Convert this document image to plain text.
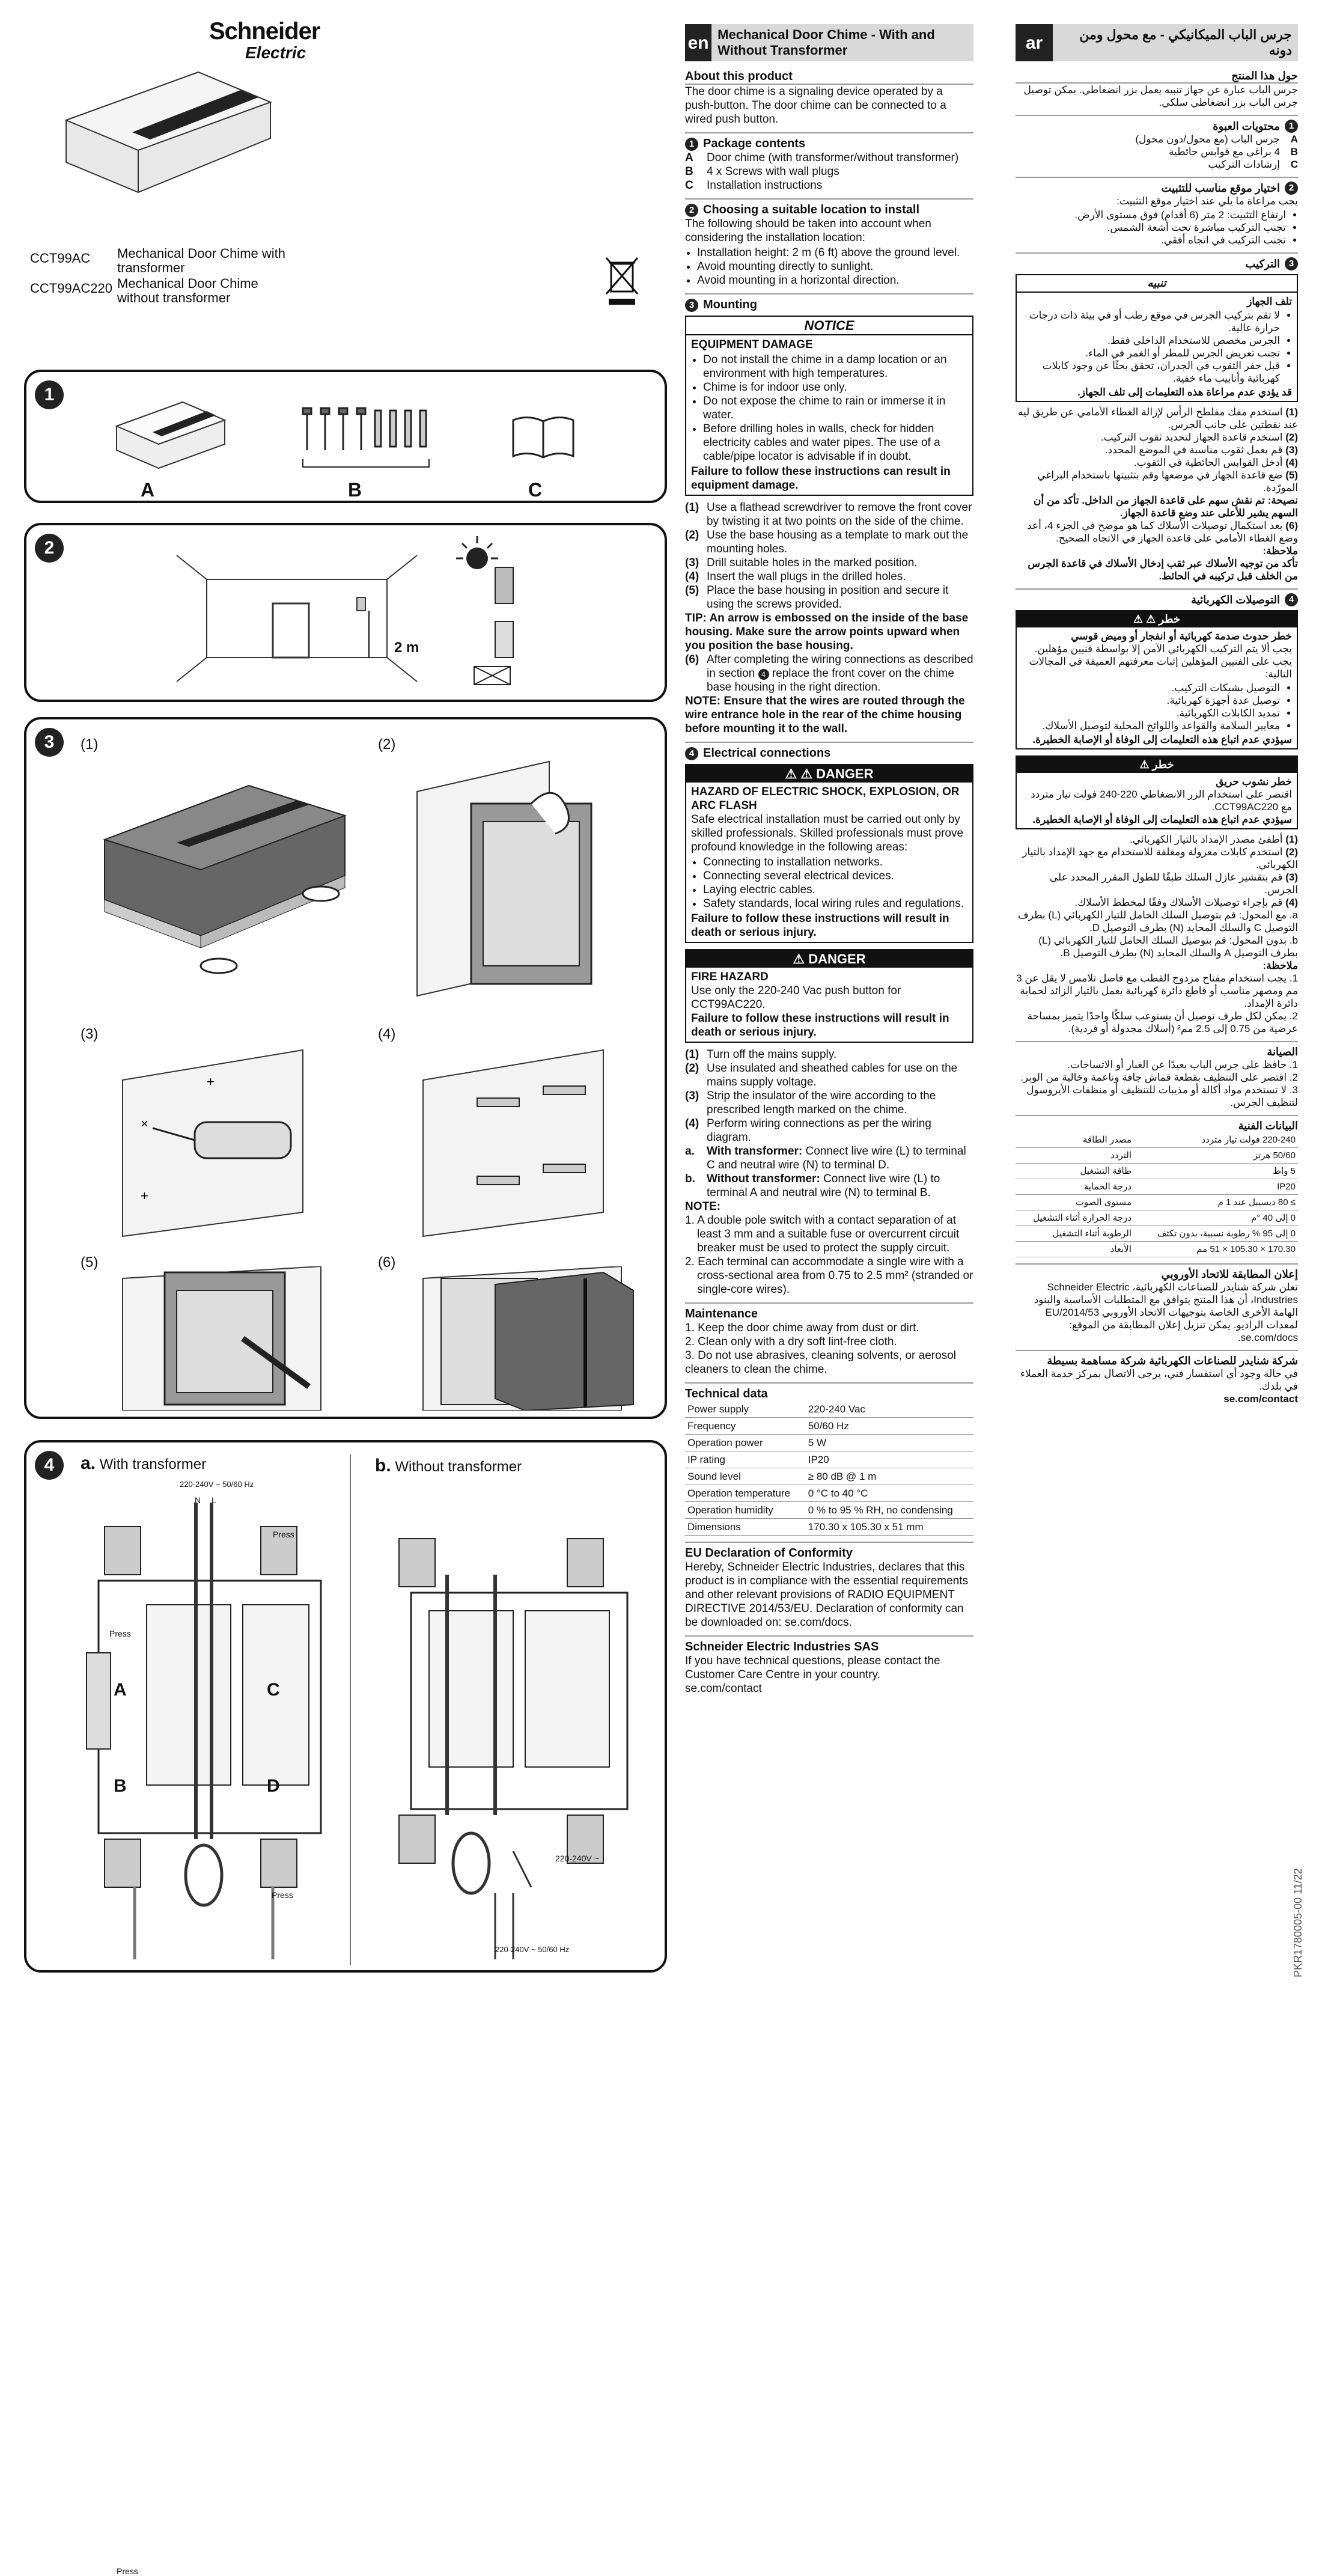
Schneider
Electric
CCT99AC Mechanical Door Chime with transformer
CCT99AC220 Mechanical Door Chime without transformer
1
A	B	C
2
2 m
3	(1)	(2)
(3)	(4)
(5)	(6)
+
×
+
4	a. With transformer	b. Without transformer
220-240V ~ 50/60 Hz
N L
Press
Press
Press
Press
A
B
C
D
220-240V ~
220-240V ~ 50/60 Hz
en Mechanical Door Chime - With and Without Transformer
About this product
The door chime is a signaling device operated by a push-button. The door chime can be connected to a wired push button.
1 Package contents
A Door chime (with transformer/without transformer)
B 4 x Screws with wall plugs
C Installation instructions
2 Choosing a suitable location to install
The following should be taken into account when considering the installation location:
• Installation height: 2 m (6 ft) above the ground level.
• Avoid mounting directly to sunlight.
• Avoid mounting in a horizontal direction.
3 Mounting
NOTICE
EQUIPMENT DAMAGE
• Do not install the chime in a damp location or an environment with high temperatures.
• Chime is for indoor use only.
• Do not expose the chime to rain or immerse it in water.
• Before drilling holes in walls, check for hidden electricity cables and water pipes. The use of a cable/pipe locator is advisable if in doubt.
Failure to follow these instructions can result in equipment damage.
(1) Use a flathead screwdriver to remove the front cover by twisting it at two points on the side of the chime.
(2) Use the base housing as a template to mark out the mounting holes.
(3) Drill suitable holes in the marked position.
(4) Insert the wall plugs in the drilled holes.
(5) Place the base housing in position and secure it using the screws provided.
TIP: An arrow is embossed on the inside of the base housing. Make sure the arrow points upward when you position the base housing.
(6) After completing the wiring connections as described in section 4 replace the front cover on the chime base housing in the right direction.
NOTE: Ensure that the wires are routed through the wire entrance hole in the rear of the chime housing before mounting it to the wall.
4 Electrical connections
⚠ ⚠ DANGER
HAZARD OF ELECTRIC SHOCK, EXPLOSION, OR ARC FLASH
Safe electrical installation must be carried out only by skilled professionals. Skilled professionals must prove profound knowledge in the following areas:
• Connecting to installation networks.
• Connecting several electrical devices.
• Laying electric cables.
• Safety standards, local wiring rules and regulations.
Failure to follow these instructions will result in death or serious injury.
⚠ DANGER
FIRE HAZARD
Use only the 220-240 Vac push button for CCT99AC220.
Failure to follow these instructions will result in death or serious injury.
(1) Turn off the mains supply.
(2) Use insulated and sheathed cables for use on the mains supply voltage.
(3) Strip the insulator of the wire according to the prescribed length marked on the chime.
(4) Perform wiring connections as per the wiring diagram.
a. With transformer: Connect live wire (L) to terminal C and neutral wire (N) to terminal D.
b. Without transformer: Connect live wire (L) to terminal A and neutral wire (N) to terminal B.
NOTE:
1. A double pole switch with a contact separation of at least 3 mm and a suitable fuse or overcurrent circuit breaker must be used to protect the supply circuit.
2. Each terminal can accommodate a single wire with a cross-sectional area from 0.75 to 2.5 mm² (stranded or single-core wires).
Maintenance
1. Keep the door chime away from dust or dirt.
2. Clean only with a dry soft lint-free cloth.
3. Do not use abrasives, cleaning solvents, or aerosol cleaners to clean the chime.
Technical data
Power supply	220-240 Vac
Frequency	50/60 Hz
Operation power	5 W
IP rating	IP20
Sound level	≥ 80 dB @ 1 m
Operation temperature	0 °C to 40 °C
Operation humidity	0 % to 95 % RH, no condensing
Dimensions	170.30 x 105.30 x 51 mm
EU Declaration of Conformity
Hereby, Schneider Electric Industries, declares that this product is in compliance with the essential requirements and other relevant provisions of RADIO EQUIPMENT DIRECTIVE 2014/53/EU. Declaration of conformity can be downloaded on: se.com/docs.
Schneider Electric Industries SAS
If you have technical questions, please contact the Customer Care Centre in your country.
se.com/contact
ar	جرس الباب الميكانيكي - مع محول ومن دونه
حول هذا المنتج
جرس الباب عبارة عن جهاز تنبيه يعمل بزر انضغاطي. يمكن توصيل جرس الباب بزر انضغاطي سلكي.
1
محتويات العبوة
Aجرس الباب (مع محول/دون محول)
B4 براغي مع قوابس حائطية
Cإرشادات التركيب
2
اختيار موقع مناسب للتثبيت
يجب مراعاة ما يلي عند اختيار موقع التثبيت:
• ارتفاع التثبيت: 2 متر (6 أقدام) فوق مستوى الأرض.
• تجنب التركيب مباشرة تحت أشعة الشمس.
• تجنب التركيب في اتجاه أفقي.
3
التركيب
تنبيه
تلف الجهاز
• لا تقم بتركيب الجرس في موقع رطب أو في بيئة ذات درجات حرارة عالية.
• الجرس مخصص للاستخدام الداخلي فقط.
• تجنب تعريض الجرس للمطر أو الغمر في الماء.
• قبل حفر الثقوب في الجدران، تحقق بحثًا عن وجود كابلات كهربائية وأنابيب ماء خفية.
قد يؤدي عدم مراعاة هذه التعليمات إلى تلف الجهاز.
(1) استخدم مفك مفلطح الرأس لإزالة الغطاء الأمامي عن طريق ليه عند نقطتين على جانب الجرس.
(2) استخدم قاعدة الجهاز لتحديد ثقوب التركيب.
(3) قم بعمل ثقوب مناسبة في الموضع المحدد.
(4) أدخل القوابس الحائطية في الثقوب.
(5) ضع قاعدة الجهاز في موضعها وقم بتثبيتها باستخدام البراغي المورّدة.
نصيحة: تم نقش سهم على قاعدة الجهاز من الداخل. تأكد من أن السهم يشير للأعلى عند وضع قاعدة الجهاز.
(6) بعد استكمال توصيلات الأسلاك كما هو موضح في الجزء 4، أعد وضع الغطاء الأمامي على قاعدة الجهاز في الاتجاه الصحيح.
ملاحظة:
تأكد من توجيه الأسلاك عبر ثقب إدخال الأسلاك في قاعدة الجرس من الخلف قبل تركيبه في الحائط.
4
التوصيلات الكهربائية
خطر ⚠ ⚠
خطر حدوث صدمة كهربائية أو انفجار أو وميض قوسي
يجب ألا يتم التركيب الكهربائي الآمن إلا بواسطة فنيين مؤهلين. يجب على الفنيين المؤهلين إثبات معرفتهم العميقة في المجالات التالية:
• التوصيل بشبكات التركيب.
• توصيل عدة أجهزة كهربائية.
• تمديد الكابلات الكهربائية.
• معايير السلامة والقواعد واللوائح المحلية لتوصيل الأسلاك.
سيؤدي عدم اتباع هذه التعليمات إلى الوفاة أو الإصابة الخطيرة.
خطر ⚠
خطر نشوب حريق
اقتصر على استخدام الزر الانضغاطي 220-240 فولت تيار متردد مع CCT99AC220.
سيؤدي عدم اتباع هذه التعليمات إلى الوفاة أو الإصابة الخطيرة.
(1) أطفئ مصدر الإمداد بالتيار الكهربائي.
(2) استخدم كابلات معزولة ومغلفة للاستخدام مع جهد الإمداد بالتيار الكهربائي.
(3) قم بتقشير عازل السلك طبقًا للطول المقرر المحدد على الجرس.
(4) قم بإجراء توصيلات الأسلاك وفقًا لمخطط الأسلاك.
a. مع المحول: قم بتوصيل السلك الحامل للتيار الكهربائي (L) بطرف التوصيل C والسلك المحايد (N) بطرف التوصيل D.
b. بدون المحول: قم بتوصيل السلك الحامل للتيار الكهربائي (L) بطرف التوصيل A والسلك المحايد (N) بطرف التوصيل B.
ملاحظة:
1. يجب استخدام مفتاح مزدوج القطب مع فاصل تلامس لا يقل عن 3 مم ومصهر مناسب أو قاطع دائرة كهربائية يعمل بالتيار الزائد لحماية دائرة الإمداد.
2. يمكن لكل طرف توصيل أن يستوعب سلكًا واحدًا يتميز بمساحة عرضية من 0.75 إلى 2.5 مم² (أسلاك مجدولة أو فردية).
الصيانة
1. حافظ على جرس الباب بعيدًا عن الغبار أو الاتساخات.
2. اقتصر على التنظيف بقطعة قماش جافة وناعمة وخالية من الوبر.
3. لا تستخدم مواد أكالة أو مذيبات للتنظيف أو منظفات الأيروسول لتنظيف الجرس.
البيانات الفنية
220-240 فولت تيار متردد	مصدر الطاقة
50/60 هرتز	التردد
5 واط	طاقة التشغيل
IP20	درجة الحماية
≥ 80 ديسيبل عند 1 م	مستوى الصوت
0 إلى 40 °م	درجة الحرارة أثناء التشغيل
0 إلى 95 % رطوبة نسبية، بدون تكثف	الرطوبة أثناء التشغيل
170.30 × 105.30 × 51 مم	الأبعاد
إعلان المطابقة للاتحاد الأوروبي
تعلن شركة شنايدر للصناعات الكهربائية، Schneider Electric Industries، أن هذا المنتج يتوافق مع المتطلبات الأساسية والبنود الهامة الأخرى الخاصة بتوجيهات الاتحاد الأوروبي 2014/53/EU لمعدات الراديو. يمكن تنزيل إعلان المطابقة من الموقع: se.com/docs.
شركة شنايدر للصناعات الكهربائية شركة مساهمة بسيطة
في حالة وجود أي استفسار فني، يرجى الاتصال بمركز خدمة العملاء في بلدك.
se.com/contact
PKR1780005-00 11/22
